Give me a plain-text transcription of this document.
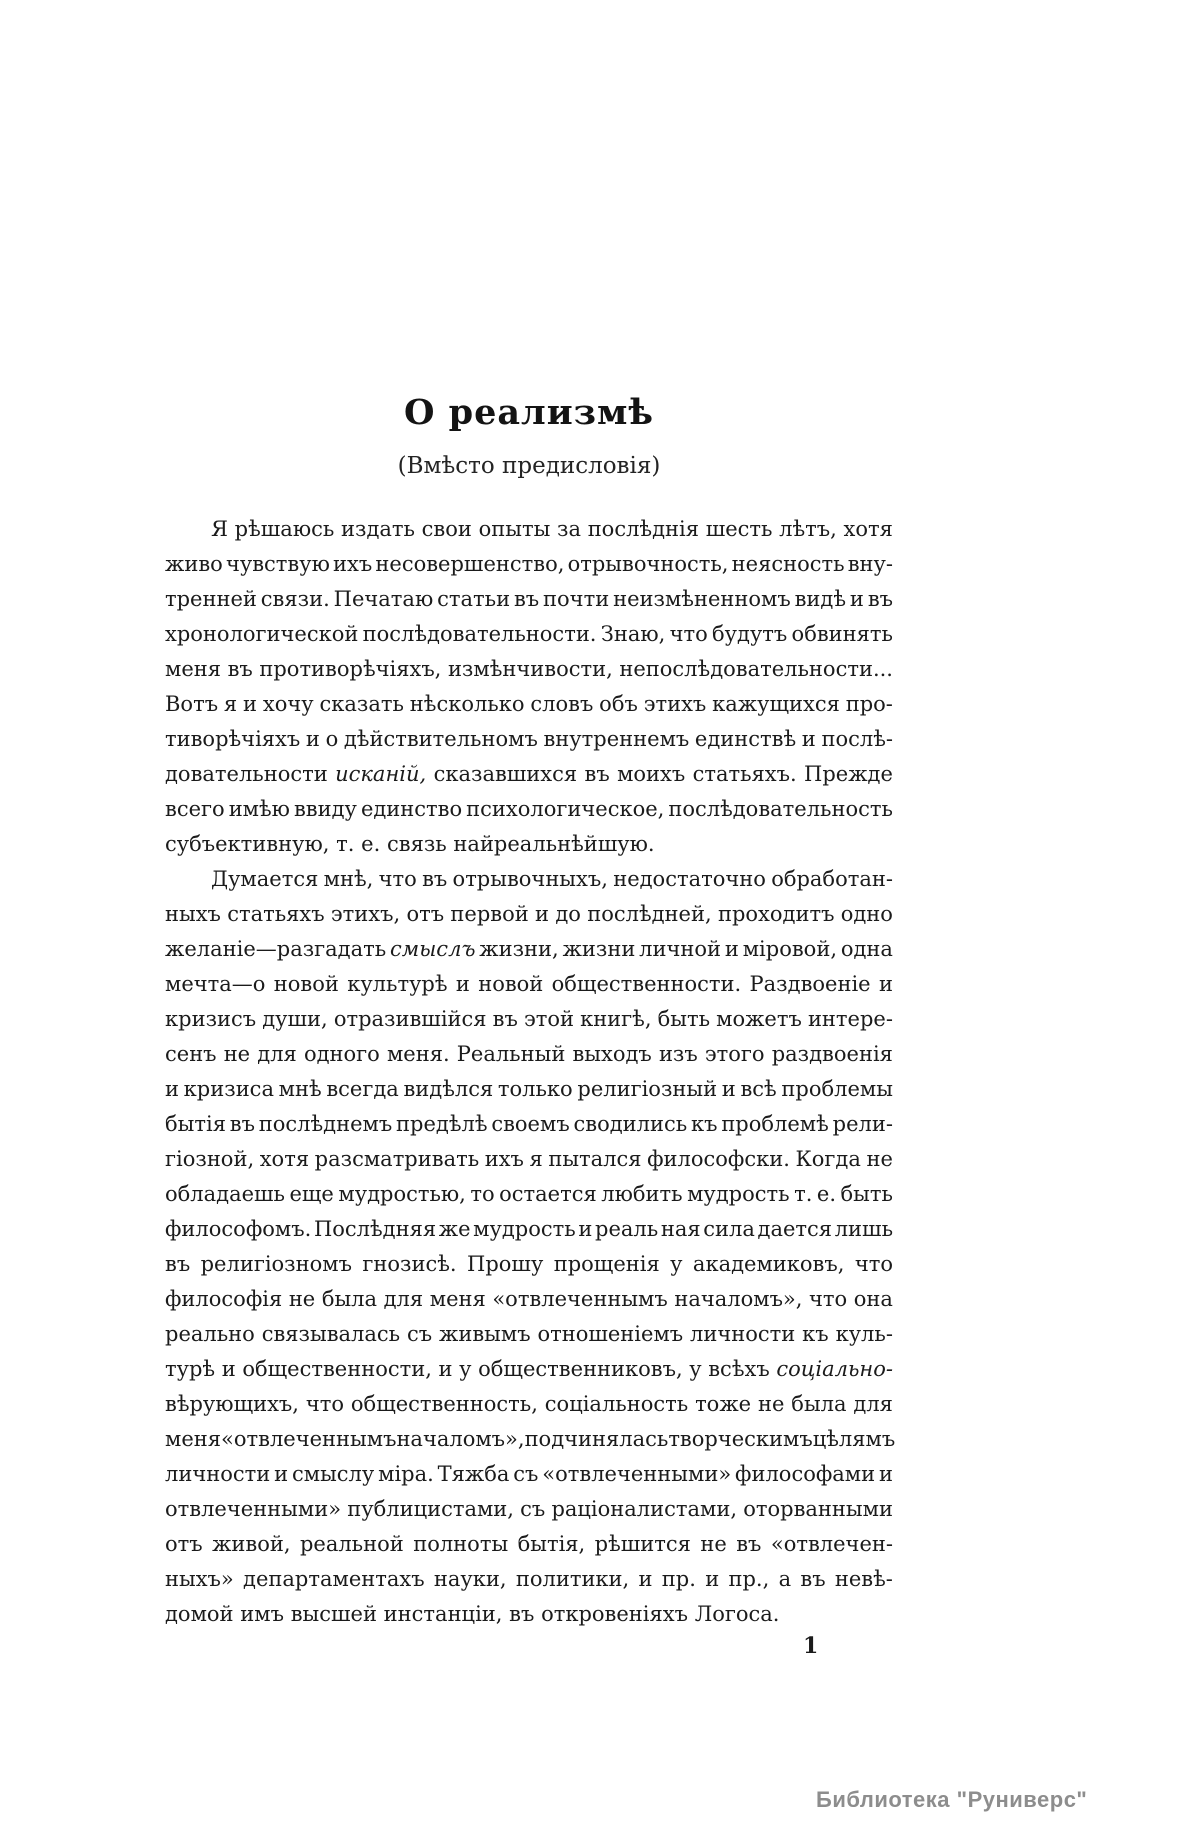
О реализмѣ
(Вмѣсто предисловія)
Я рѣшаюсь издать свои опыты за послѣднія шесть лѣтъ, хотя
живо чувствую ихъ несовершенство, отрывочность, неясность вну-
тренней связи. Печатаю статьи въ почти неизмѣненномъ видѣ и въ
хронологической послѣдовательности. Знаю, что будутъ обвинять
меня въ противорѣчіяхъ, измѣнчивости, непослѣдовательности...
Вотъ я и хочу сказать нѣсколько словъ объ этихъ кажущихся про-
тиворѣчіяхъ и о дѣйствительномъ внутреннемъ единствѣ и послѣ-
довательности исканій, сказавшихся въ моихъ статьяхъ. Прежде
всего имѣю ввиду единство психологическое, послѣдовательность
субъективную, т. е. связь найреальнѣйшую.
Думается мнѣ, что въ отрывочныхъ, недостаточно обработан-
ныхъ статьяхъ этихъ, отъ первой и до послѣдней, проходитъ одно
желаніе—разгадать смыслъ жизни, жизни личной и міровой, одна
мечта—о новой культурѣ и новой общественности. Раздвоеніе и
кризисъ души, отразившійся въ этой книгѣ, быть можетъ интере-
сенъ не для одного меня. Реальный выходъ изъ этого раздвоенія
и кризиса мнѣ всегда видѣлся только религіозный и всѣ проблемы
бытія въ послѣднемъ предѣлѣ своемъ сводились къ проблемѣ рели-
гіозной, хотя разсматривать ихъ я пытался философски. Когда не
обладаешь еще мудростью, то остается любить мудрость т. е. быть
философомъ. Послѣдняя же мудрость и реаль ная сила дается лишь
въ религіозномъ гнозисѣ. Прошу прощенія у академиковъ, что
философія не была для меня «отвлеченнымъ началомъ», что она
реально связывалась съ живымъ отношеніемъ личности къ куль-
турѣ и общественности, и у общественниковъ, у всѣхъ соціально-
вѣрующихъ, что общественность, соціальность тоже не была для
меня «отвлеченнымъ началомъ», подчинялась творческимъ цѣлямъ
личности и смыслу міра. Тяжба съ «отвлеченными» философами и
отвлеченными» публицистами, съ раціоналистами, оторванными
отъ живой, реальной полноты бытія, рѣшится не въ «отвлечен-
ныхъ» департаментахъ науки, политики, и пр. и пр., а въ невѣ-
домой имъ высшей инстанціи, въ откровеніяхъ Логоса.
1
Библиотека "Руниверс"
